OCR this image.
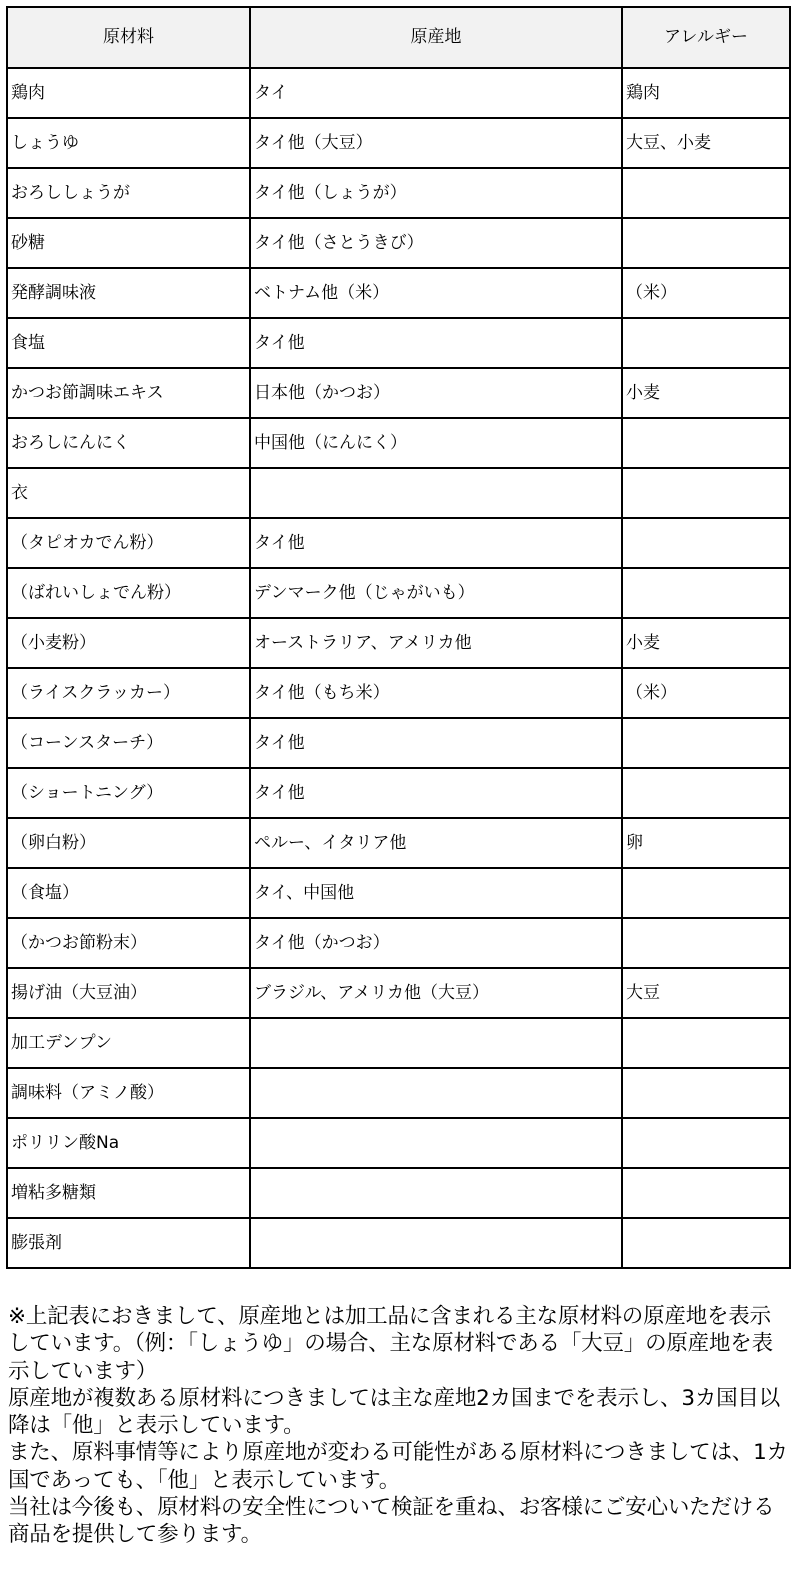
原材料	原産地	アレルギー
鶏肉	タイ	鶏肉
しょうゆ	タイ他（大豆）	大豆、小麦
おろししょうが	タイ他（しょうが）	
砂糖	タイ他（さとうきび）	
発酵調味液	ベトナム他（米）	（米）
食塩	タイ他	
かつお節調味エキス	日本他（かつお）	小麦
おろしにんにく	中国他（にんにく）	
衣		
（タピオカでん粉）	タイ他	
（ばれいしょでん粉）	デンマーク他（じゃがいも）	
（小麦粉）	オーストラリア、アメリカ他	小麦
（ライスクラッカー）	タイ他（もち米）	（米）
（コーンスターチ）	タイ他	
（ショートニング）	タイ他	
（卵白粉）	ペルー、イタリア他	卵
（食塩）	タイ、中国他	
（かつお節粉末）	タイ他（かつお）	
揚げ油（大豆油）	ブラジル、アメリカ他（大豆）	大豆
加工デンプン		
調味料（アミノ酸）		
ポリリン酸Na		
増粘多糖類		
膨張剤		

※上記表におきまして、原産地とは加工品に含まれる主な原材料の原産地を表示しています。（例：「しょうゆ」の場合、主な原材料である「大豆」の原産地を表示しています）

原産地が複数ある原材料につきましては主な産地2カ国までを表示し、3カ国目以降は「他」と表示しています。

また、原料事情等により原産地が変わる可能性がある原材料につきましては、1カ国であっても、「他」と表示しています。

当社は今後も、原材料の安全性について検証を重ね、お客様にご安心いただける商品を提供して参ります。
